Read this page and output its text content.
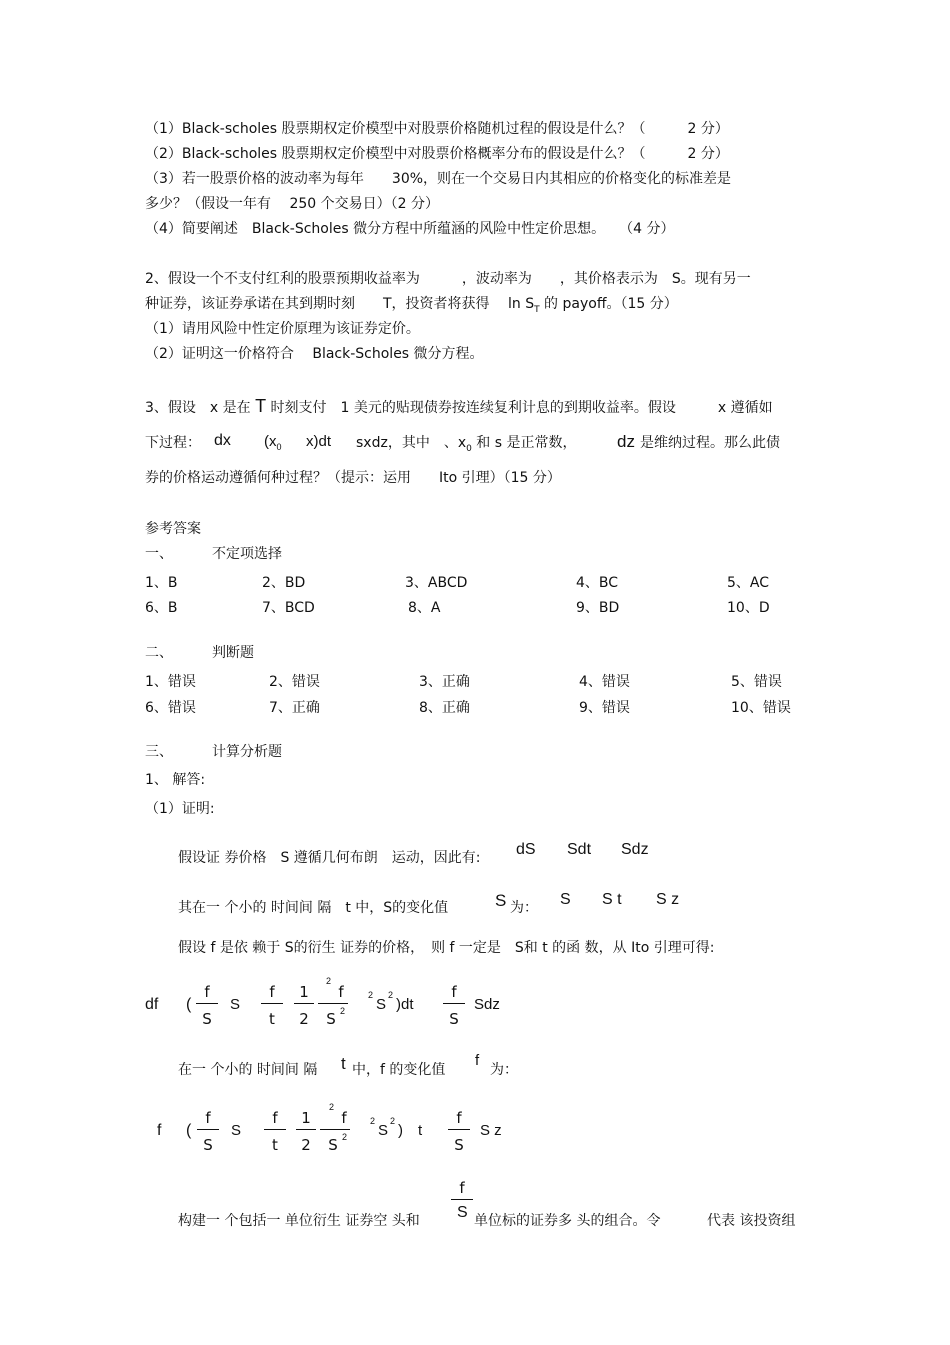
（1）Black-scholes 股票期权定价模型中对股票价格随机过程的假设是什么？（　　　2 分）
（2）Black-scholes 股票期权定价模型中对股票价格概率分布的假设是什么？（　　　2 分）
（3）若一股票价格的波动率为每年　　30%，则在一个交易日内其相应的价格变化的标准差是
多少？（假设一年有　 250 个交易日）（2 分）
（4）简要阐述　Black-Scholes 微分方程中所蕴涵的风险中性定价思想。　　（4 分）
2、假设一个不支付红利的股票预期收益率为　　　，波动率为　　，其价格表示为　S。现有另一
种证券，该证券承诺在其到期时刻　　T，投资者将获得　 $\ln S_T$ 的 payoff。（15 分）
（1）请用风险中性定价原理为该证券定价。
（2）证明这一价格符合　 Black-Scholes 微分方程。
3、假设　x 是在 T 时刻支付　1 美元的贴现债券按连续复利计息的到期收益率。假设　　　x 遵循如
下过程： dx ($x_0$ x)dt sxdz，其中　、$x_0$ 和 s 是正常数， dz 是维纳过程。那么此债
券的价格运动遵循何种过程？（提示：运用　　Ito 引理）（15 分）
参考答案
一、	不定项选择
1、B	2、BD	3、ABCD	4、BC	5、AC
6、B	7、BCD	8、A	9、BD	10、D
二、	判断题
1、错误	2、错误	3、正确	4、错误	5、错误
6、错误	7、正确	8、正确	9、错误	10、错误
三、	计算分析题
1、 解答:
（1）证明:
假设证 券价格　S 遵循几何布朗　运动，因此有: dS Sdt Sdz
其在一 个小的 时间间 隔　t 中，S的变化值	S 为： S S t S z
假设 f 是依 赖于 S的衍生 证券的价格，　则 f 一定是　S和 t 的函 数，从 Ito 引理可得:
df (
f
S
S
f
t
1
2
2
f
S 2
2
S
2
)dt
f
S
Sdz
在一 个小的 时间间 隔 t 中，f 的变化值
f
为：
f (
f
S
S
f
t
1
2
2
f
S 2
2
S
2
) t
f
S
S z
f
S
构建一 个包括一 单位衍生 证券空 头和	单位标的证券多 头的组合。令	代表 该投资组
